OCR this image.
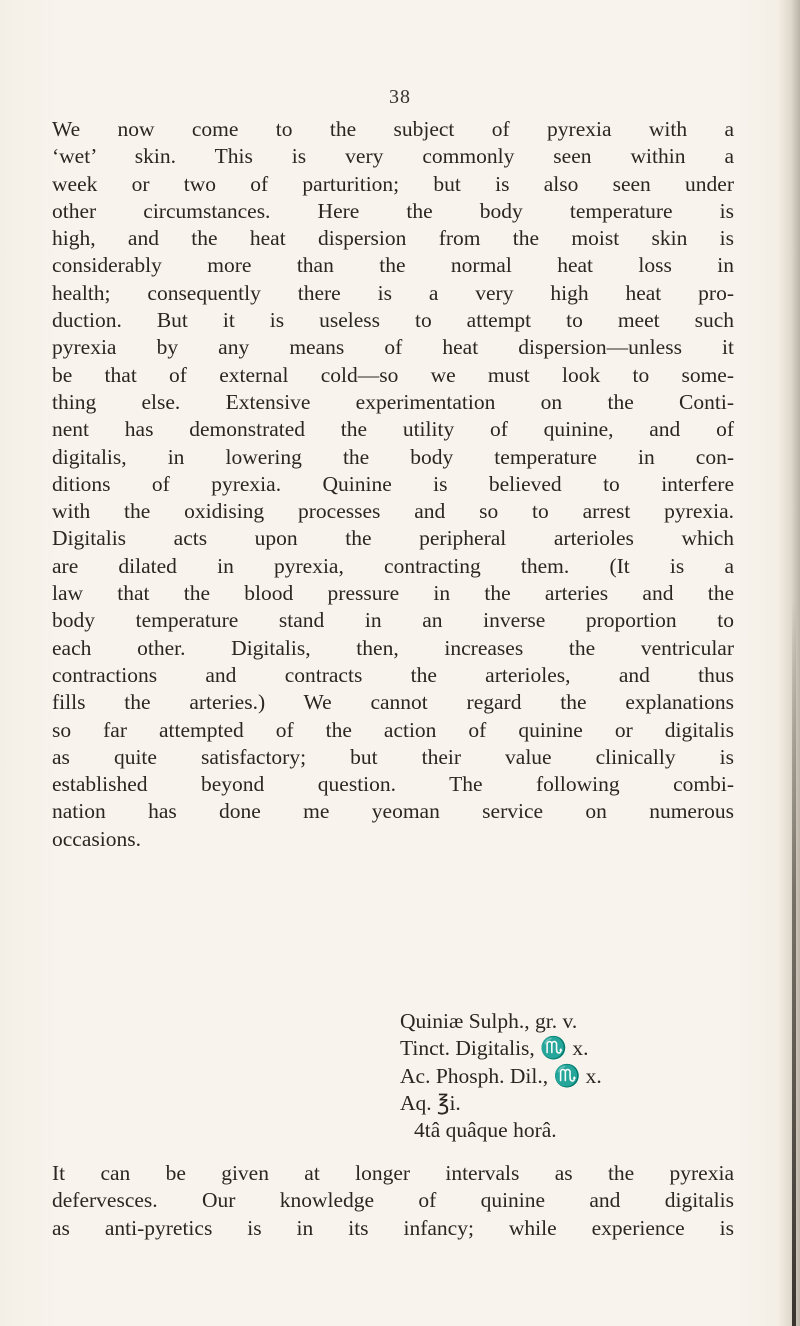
38
We now come to the subject of pyrexia with a
‘wet’ skin. This is very commonly seen within a
week or two of parturition; but is also seen under
other circumstances. Here the body temperature is
high, and the heat dispersion from the moist skin is
considerably more than the normal heat loss in
health; consequently there is a very high heat pro-
duction. But it is useless to attempt to meet such
pyrexia by any means of heat dispersion—unless it
be that of external cold—so we must look to some-
thing else. Extensive experimentation on the Conti-
nent has demonstrated the utility of quinine, and of
digitalis, in lowering the body temperature in con-
ditions of pyrexia. Quinine is believed to interfere
with the oxidising processes and so to arrest pyrexia.
Digitalis acts upon the peripheral arterioles which
are dilated in pyrexia, contracting them. (It is a
law that the blood pressure in the arteries and the
body temperature stand in an inverse proportion to
each other. Digitalis, then, increases the ventricular
contractions and contracts the arterioles, and thus
fills the arteries.) We cannot regard the explanations
so far attempted of the action of quinine or digitalis
as quite satisfactory; but their value clinically is
established beyond question. The following combi-
nation has done me yeoman service on numerous
occasions.
Quiniæ Sulph., gr. v.
Tinct. Digitalis, ♏ x.
Ac. Phosph. Dil., ♏ x.
Aq. ℥i.
4tâ quâque horâ.
It can be given at longer intervals as the pyrexia
defervesces. Our knowledge of quinine and digitalis
as anti-pyretics is in its infancy; while experience is
